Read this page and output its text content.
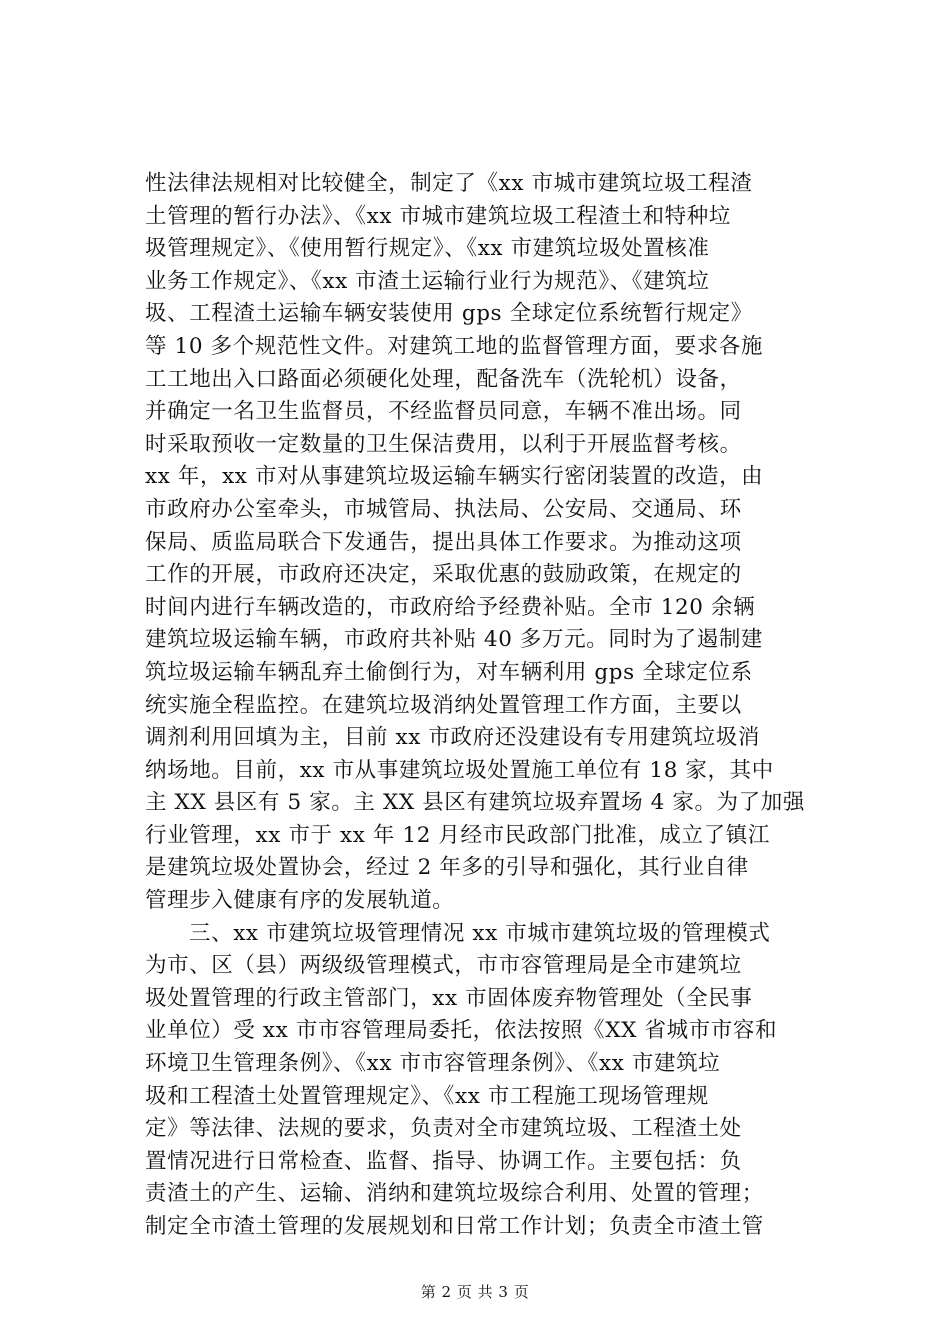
性法律法规相对比较健全，制定了《xx 市城市建筑垃圾工程渣
土管理的暂行办法》、《xx 市城市建筑垃圾工程渣土和特种垃
圾管理规定》、《使用暂行规定》、《xx 市建筑垃圾处置核准
业务工作规定》、《xx 市渣土运输行业行为规范》、《建筑垃
圾、工程渣土运输车辆安装使用 gps 全球定位系统暂行规定》
等 10 多个规范性文件。对建筑工地的监督管理方面，要求各施
工工地出入口路面必须硬化处理，配备洗车（洗轮机）设备，
并确定一名卫生监督员，不经监督员同意，车辆不准出场。同
时采取预收一定数量的卫生保洁费用，以利于开展监督考核。
xx 年，xx 市对从事建筑垃圾运输车辆实行密闭装置的改造，由
市政府办公室牵头，市城管局、执法局、公安局、交通局、环
保局、质监局联合下发通告，提出具体工作要求。为推动这项
工作的开展，市政府还决定，采取优惠的鼓励政策，在规定的
时间内进行车辆改造的，市政府给予经费补贴。全市 120 余辆
建筑垃圾运输车辆，市政府共补贴 40 多万元。同时为了遏制建
筑垃圾运输车辆乱弃土偷倒行为，对车辆利用 gps 全球定位系
统实施全程监控。在建筑垃圾消纳处置管理工作方面，主要以
调剂利用回填为主，目前 xx 市政府还没建设有专用建筑垃圾消
纳场地。目前，xx 市从事建筑垃圾处置施工单位有 18 家，其中
主 XX 县区有 5 家。主 XX 县区有建筑垃圾弃置场 4 家。为了加强
行业管理，xx 市于 xx 年 12 月经市民政部门批准，成立了镇江
是建筑垃圾处置协会，经过 2 年多的引导和强化，其行业自律
管理步入健康有序的发展轨道。
三、xx 市建筑垃圾管理情况 xx 市城市建筑垃圾的管理模式
为市、区（县）两级级管理模式，市市容管理局是全市建筑垃
圾处置管理的行政主管部门，xx 市固体废弃物管理处（全民事
业单位）受 xx 市市容管理局委托，依法按照《XX 省城市市容和
环境卫生管理条例》、《xx 市市容管理条例》、《xx 市建筑垃
圾和工程渣土处置管理规定》、《xx 市工程施工现场管理规
定》等法律、法规的要求，负责对全市建筑垃圾、工程渣土处
置情况进行日常检查、监督、指导、协调工作。主要包括：负
责渣土的产生、运输、消纳和建筑垃圾综合利用、处置的管理；
制定全市渣土管理的发展规划和日常工作计划；负责全市渣土管
第 2 页 共 3 页
